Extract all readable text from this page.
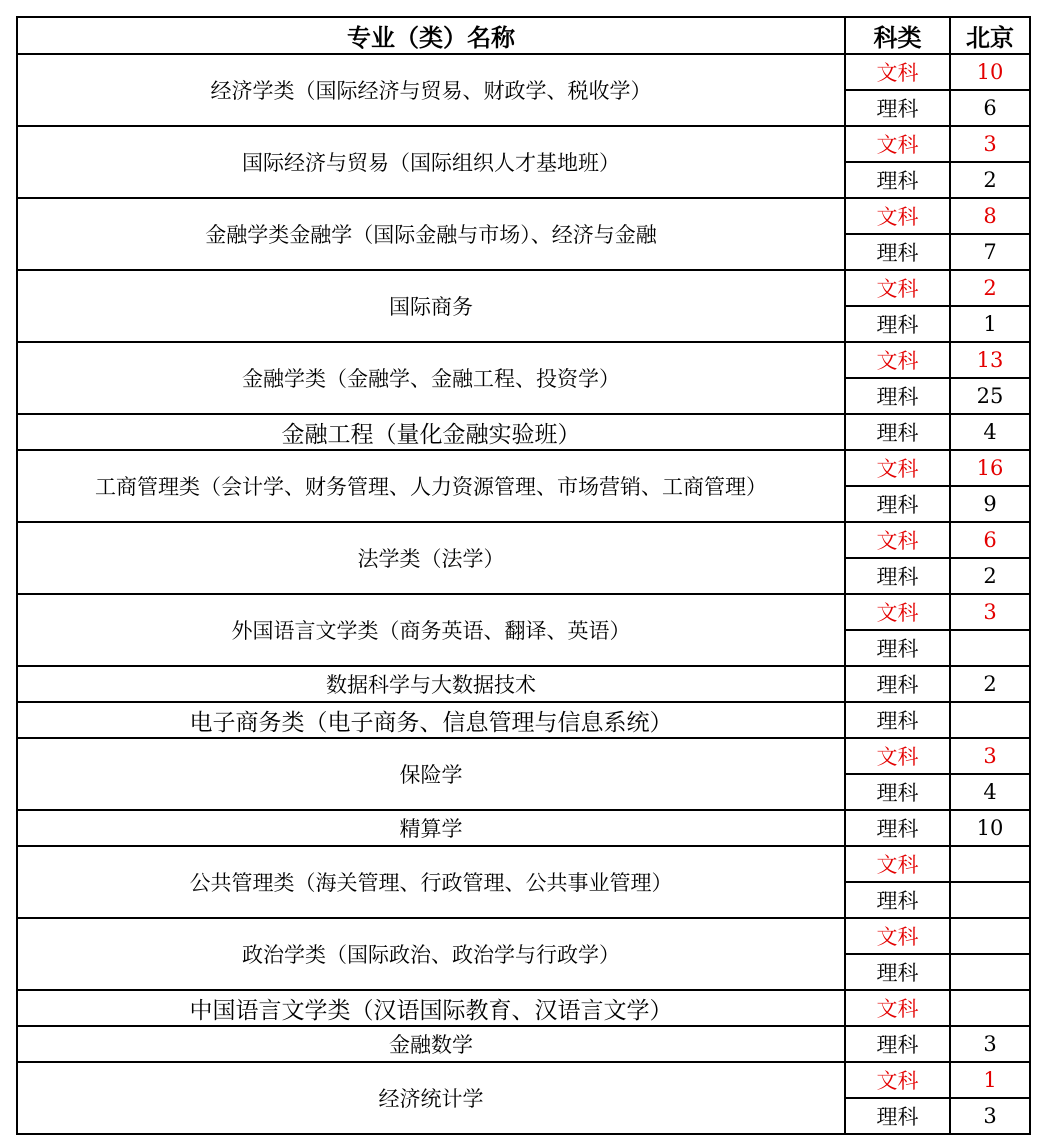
专业（类）名称	科类	北京
经济学类（国际经济与贸易、财政学、税收学）	文科	10
	理科	6
国际经济与贸易（国际组织人才基地班）	文科	3
	理科	2
金融学类金融学（国际金融与市场）、经济与金融	文科	8
	理科	7
国际商务	文科	2
	理科	1
金融学类（金融学、金融工程、投资学）	文科	13
	理科	25
金融工程（量化金融实验班）	理科	4
工商管理类（会计学、财务管理、人力资源管理、市场营销、工商管理）	文科	16
	理科	9
法学类（法学）	文科	6
	理科	2
外国语言文学类（商务英语、翻译、英语）	文科	3
	理科	
数据科学与大数据技术	理科	2
电子商务类（电子商务、信息管理与信息系统）	理科	
保险学	文科	3
	理科	4
精算学	理科	10
公共管理类（海关管理、行政管理、公共事业管理）	文科	
	理科	
政治学类（国际政治、政治学与行政学）	文科	
	理科	
中国语言文学类（汉语国际教育、汉语言文学）	文科	
金融数学	理科	3
经济统计学	文科	1
	理科	3
